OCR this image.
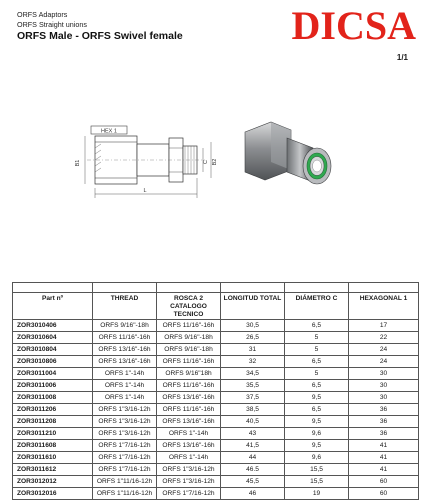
ORFS Adaptors
ORFS Straight unions
ORFS Male - ORFS Swivel female	DICSA
1/1
HEX 1
B1	C B2
L

Part nº	THREAD	ROSCA 2 CATALOGO TECNICO	LONGITUD TOTAL	DIÁMETRO C	HEXAGONAL 1
ZOR3010406	ORFS 9/16"-18h	ORFS 11/16"-16h	30,5	6,5	17
ZOR3010604	ORFS 11/16"-16h	ORFS 9/16"-18h	26,5	5	22
ZOR3010804	ORFS 13/16"-16h	ORFS 9/16"-18h	31	5	24
ZOR3010806	ORFS 13/16"-16h	ORFS 11/16"-16h	32	6,5	24
ZOR3011004	ORFS 1"-14h	ORFS 9/16"18h	34,5	5	30
ZOR3011006	ORFS 1"-14h	ORFS 11/16"-16h	35,5	6,5	30
ZOR3011008	ORFS 1"-14h	ORFS 13/16"-16h	37,5	9,5	30
ZOR3011206	ORFS 1"3/16-12h	ORFS 11/16"-16h	38,5	6,5	36
ZOR3011208	ORFS 1"3/16-12h	ORFS 13/16"-16h	40,5	9,5	36
ZOR3011210	ORFS 1"3/16-12h	ORFS 1"-14h	43	9,6	36
ZOR3011608	ORFS 1"7/16-12h	ORFS 13/16"-16h	41,5	9,5	41
ZOR3011610	ORFS 1"7/16-12h	ORFS 1"-14h	44	9,6	41
ZOR3011612	ORFS 1"7/16-12h	ORFS 1"3/16-12h	46.5	15,5	41
ZOR3012012	ORFS 1"11/16-12h	ORFS 1"3/16-12h	45,5	15,5	60
ZOR3012016	ORFS 1"11/16-12h	ORFS 1"7/16-12h	46	19	60
